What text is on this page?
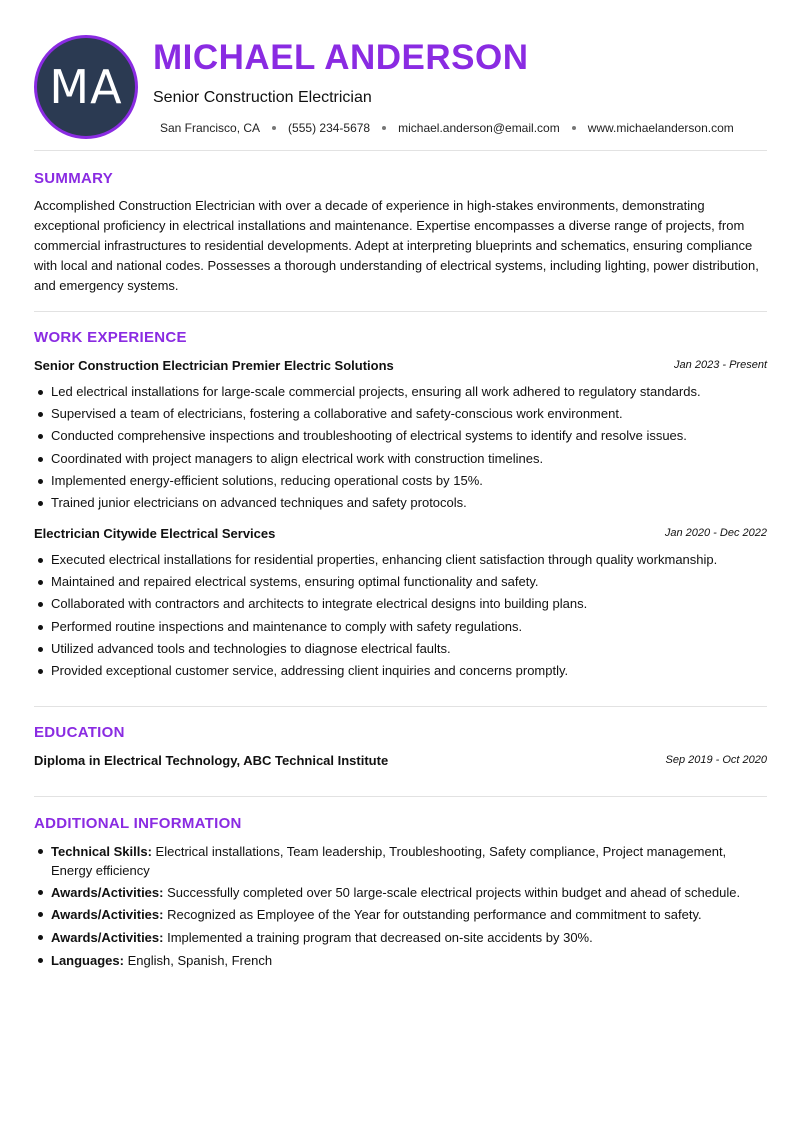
MA
MICHAEL ANDERSON
Senior Construction Electrician
San Francisco, CA (555) 234-5678 michael.anderson@email.com www.michaelanderson.com
SUMMARY
Accomplished Construction Electrician with over a decade of experience in high-stakes environments, demonstrating exceptional proficiency in electrical installations and maintenance. Expertise encompasses a diverse range of projects, from commercial infrastructures to residential developments. Adept at interpreting blueprints and schematics, ensuring compliance with local and national codes. Possesses a thorough understanding of electrical systems, including lighting, power distribution, and emergency systems.
WORK EXPERIENCE
Senior Construction Electrician Premier Electric Solutions	Jan 2023 - Present
Led electrical installations for large-scale commercial projects, ensuring all work adhered to regulatory standards.
Supervised a team of electricians, fostering a collaborative and safety-conscious work environment.
Conducted comprehensive inspections and troubleshooting of electrical systems to identify and resolve issues.
Coordinated with project managers to align electrical work with construction timelines.
Implemented energy-efficient solutions, reducing operational costs by 15%.
Trained junior electricians on advanced techniques and safety protocols.
Electrician Citywide Electrical Services	Jan 2020 - Dec 2022
Executed electrical installations for residential properties, enhancing client satisfaction through quality workmanship.
Maintained and repaired electrical systems, ensuring optimal functionality and safety.
Collaborated with contractors and architects to integrate electrical designs into building plans.
Performed routine inspections and maintenance to comply with safety regulations.
Utilized advanced tools and technologies to diagnose electrical faults.
Provided exceptional customer service, addressing client inquiries and concerns promptly.
EDUCATION
Diploma in Electrical Technology, ABC Technical Institute	Sep 2019 - Oct 2020
ADDITIONAL INFORMATION
Technical Skills: Electrical installations, Team leadership, Troubleshooting, Safety compliance, Project management, Energy efficiency
Awards/Activities: Successfully completed over 50 large-scale electrical projects within budget and ahead of schedule.
Awards/Activities: Recognized as Employee of the Year for outstanding performance and commitment to safety.
Awards/Activities: Implemented a training program that decreased on-site accidents by 30%.
Languages: English, Spanish, French
